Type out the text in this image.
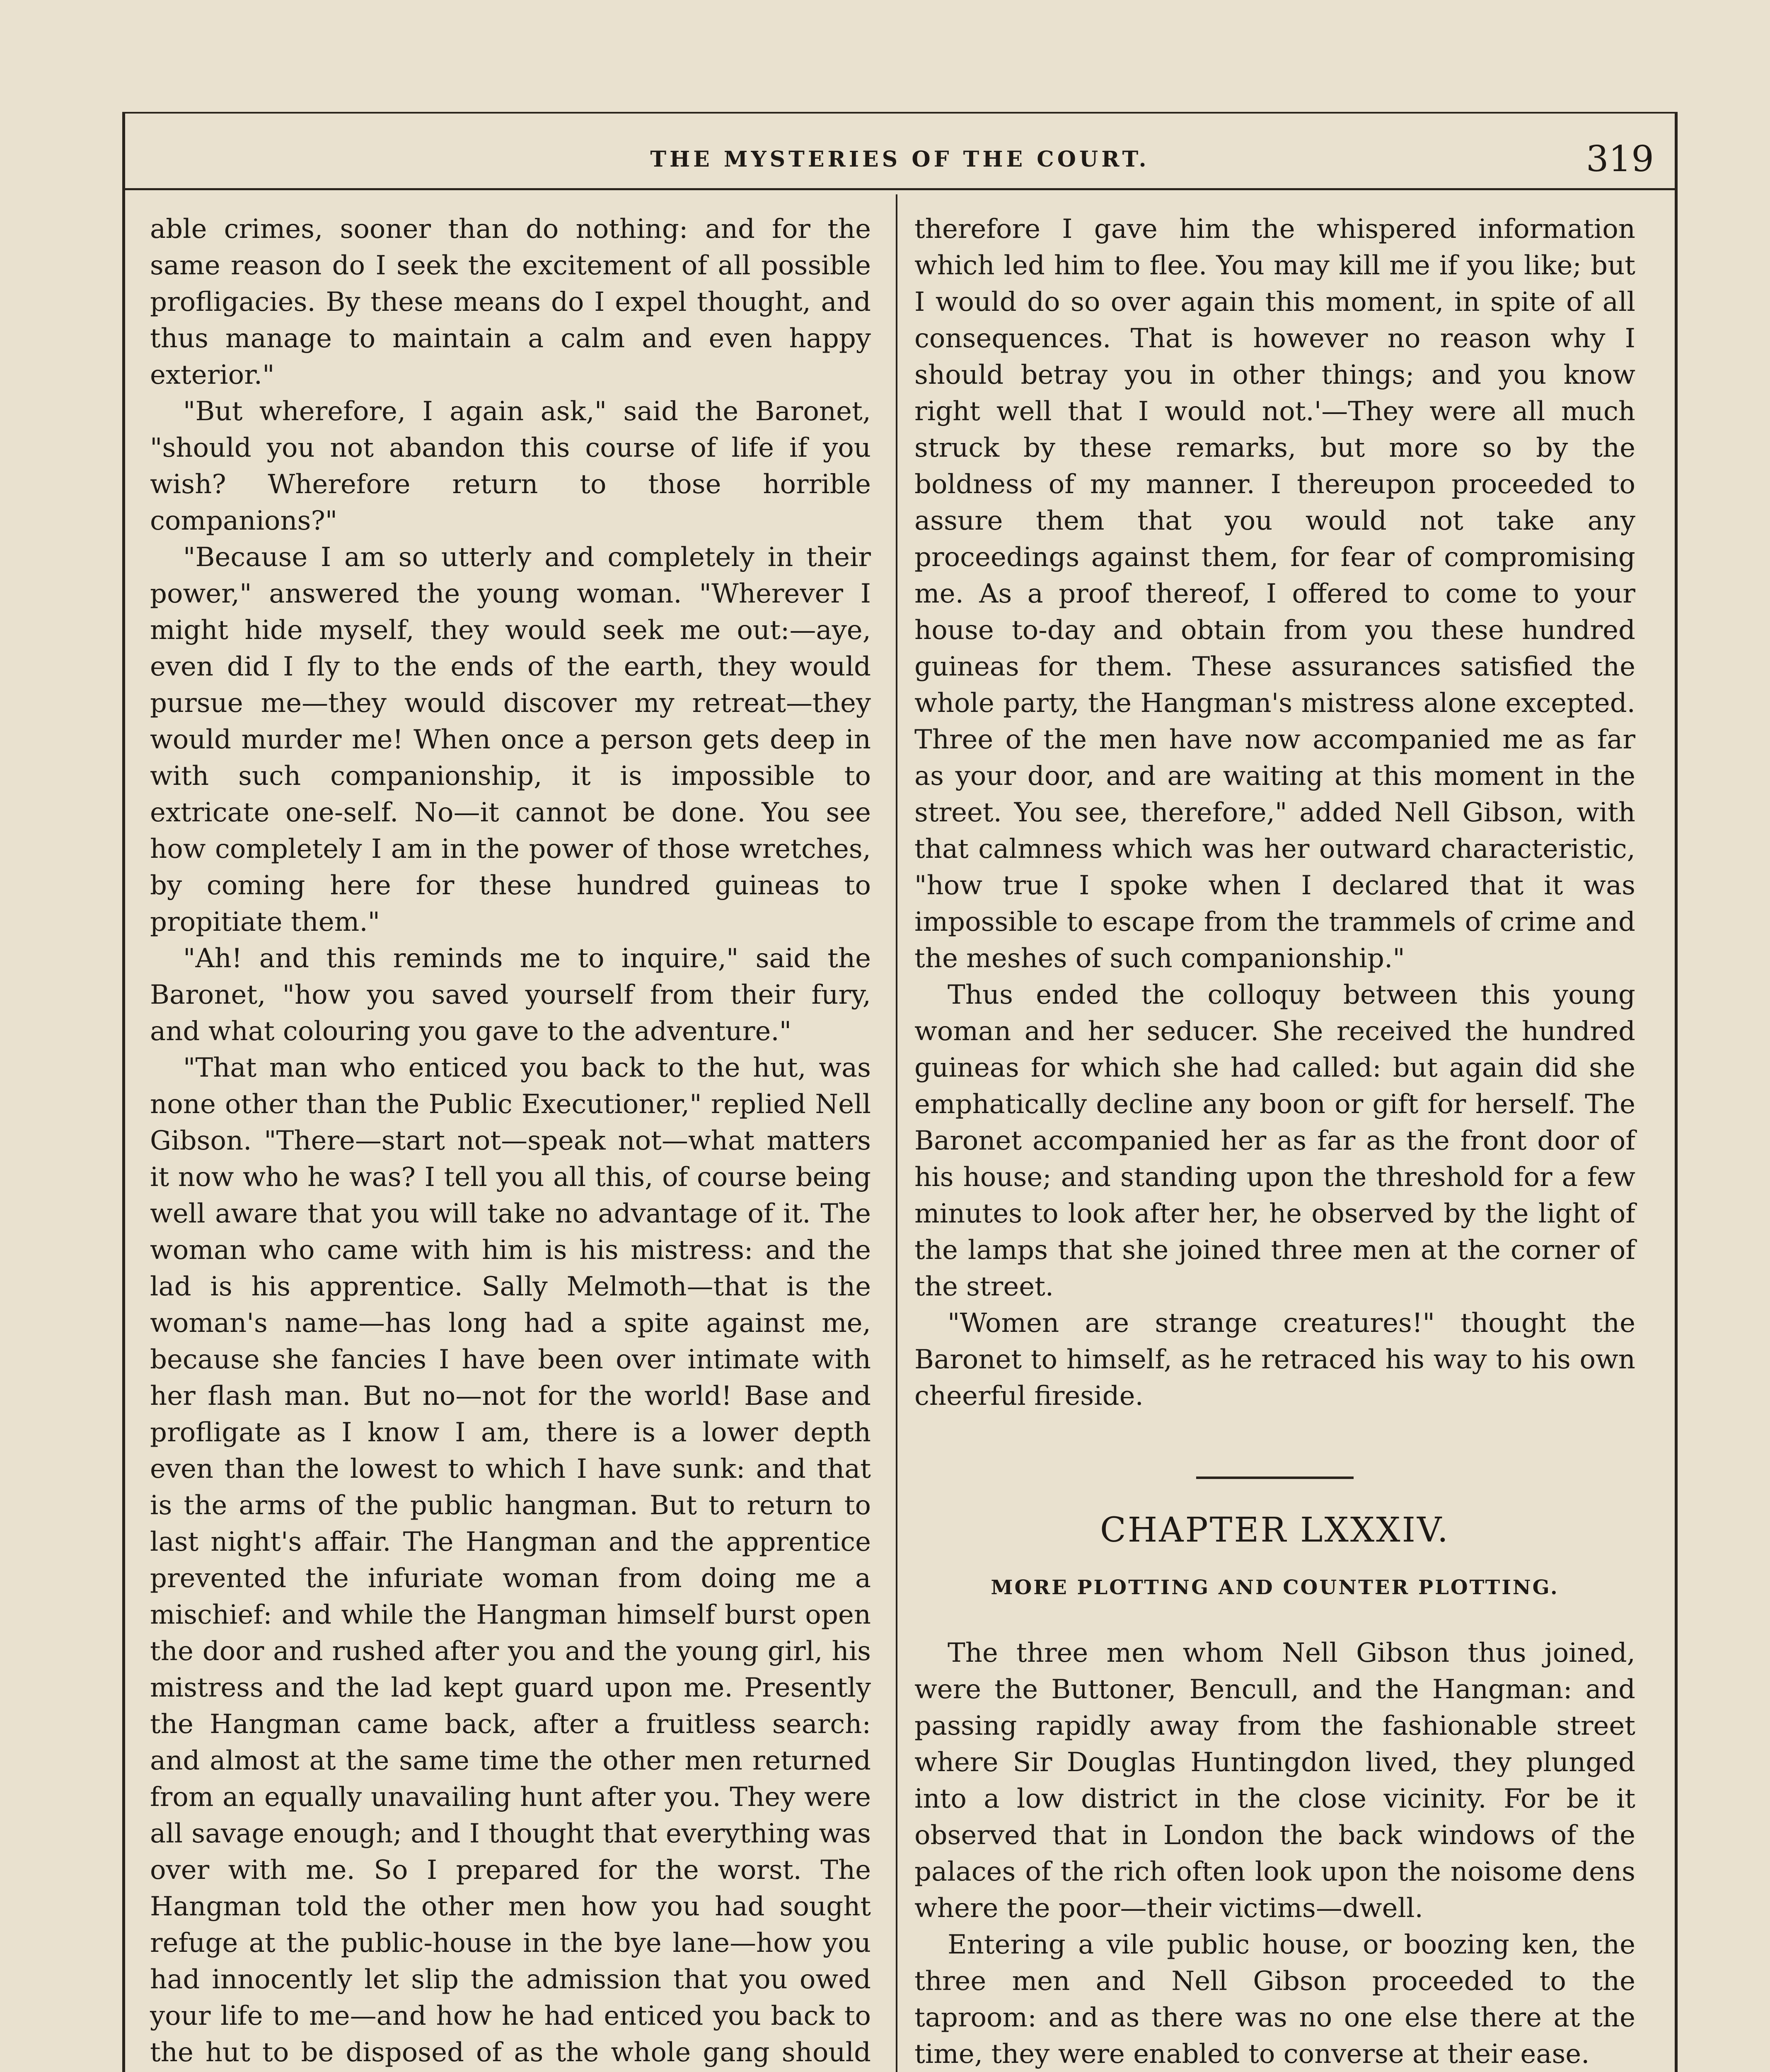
THE MYSTERIES OF THE COURT.	319

able crimes, sooner than do nothing: and for the same reason do I seek the excitement of all possible profligacies. By these means do I expel thought, and thus manage to maintain a calm and even happy exterior."

"But wherefore, I again ask," said the Baronet, "should you not abandon this course of life if you wish? Wherefore return to those horrible companions?"

"Because I am so utterly and completely in their power," answered the young woman. "Wherever I might hide myself, they would seek me out:—aye, even did I fly to the ends of the earth, they would pursue me—they would discover my retreat—they would murder me! When once a person gets deep in with such companionship, it is impossible to extricate one-self. No—it cannot be done. You see how completely I am in the power of those wretches, by coming here for these hundred guineas to propitiate them."

"Ah! and this reminds me to inquire," said the Baronet, "how you saved yourself from their fury, and what colouring you gave to the adventure."

"That man who enticed you back to the hut, was none other than the Public Executioner," replied Nell Gibson. "There—start not—speak not—what matters it now who he was? I tell you all this, of course being well aware that you will take no advantage of it. The woman who came with him is his mistress: and the lad is his apprentice. Sally Melmoth—that is the woman's name—has long had a spite against me, because she fancies I have been over intimate with her flash man. But no—not for the world! Base and profligate as I know I am, there is a lower depth even than the lowest to which I have sunk: and that is the arms of the public hangman. But to return to last night's affair. The Hangman and the apprentice prevented the infuriate woman from doing me a mischief: and while the Hangman himself burst open the door and rushed after you and the young girl, his mistress and the lad kept guard upon me. Presently the Hangman came back, after a fruitless search: and almost at the same time the other men returned from an equally unavailing hunt after you. They were all savage enough; and I thought that everything was over with me. So I prepared for the worst. The Hangman told the other men how you had sought refuge at the public-house in the bye lane—how you had innocently let slip the admission that you owed your life to me—and how he had enticed you back to the hut to be disposed of as the whole gang should

therefore I gave him the whispered information which led him to flee. You may kill me if you like; but I would do so over again this moment, in spite of all consequences. That is however no reason why I should betray you in other things; and you know right well that I would not.'—They were all much struck by these remarks, but more so by the boldness of my manner. I thereupon proceeded to assure them that you would not take any proceedings against them, for fear of compromising me. As a proof thereof, I offered to come to your house to-day and obtain from you these hundred guineas for them. These assurances satisfied the whole party, the Hangman's mistress alone excepted. Three of the men have now accompanied me as far as your door, and are waiting at this moment in the street. You see, therefore," added Nell Gibson, with that calmness which was her outward characteristic, "how true I spoke when I declared that it was impossible to escape from the trammels of crime and the meshes of such companionship."

Thus ended the colloquy between this young woman and her seducer. She received the hundred guineas for which she had called: but again did she emphatically decline any boon or gift for herself. The Baronet accompanied her as far as the front door of his house; and standing upon the threshold for a few minutes to look after her, he observed by the light of the lamps that she joined three men at the corner of the street.

"Women are strange creatures!" thought the Baronet to himself, as he retraced his way to his own cheerful fireside.

CHAPTER LXXXIV.
MORE PLOTTING AND COUNTER PLOTTING.

The three men whom Nell Gibson thus joined, were the Buttoner, Bencull, and the Hangman: and passing rapidly away from the fashionable street where Sir Douglas Huntingdon lived, they plunged into a low district in the close vicinity. For be it observed that in London the back windows of the palaces of the rich often look upon the noisome dens where the poor—their victims—dwell.

Entering a vile public house, or boozing ken, the three men and Nell Gibson proceeded to the taproom: and as there was no one else there at the time, they were enabled to converse at their ease.
